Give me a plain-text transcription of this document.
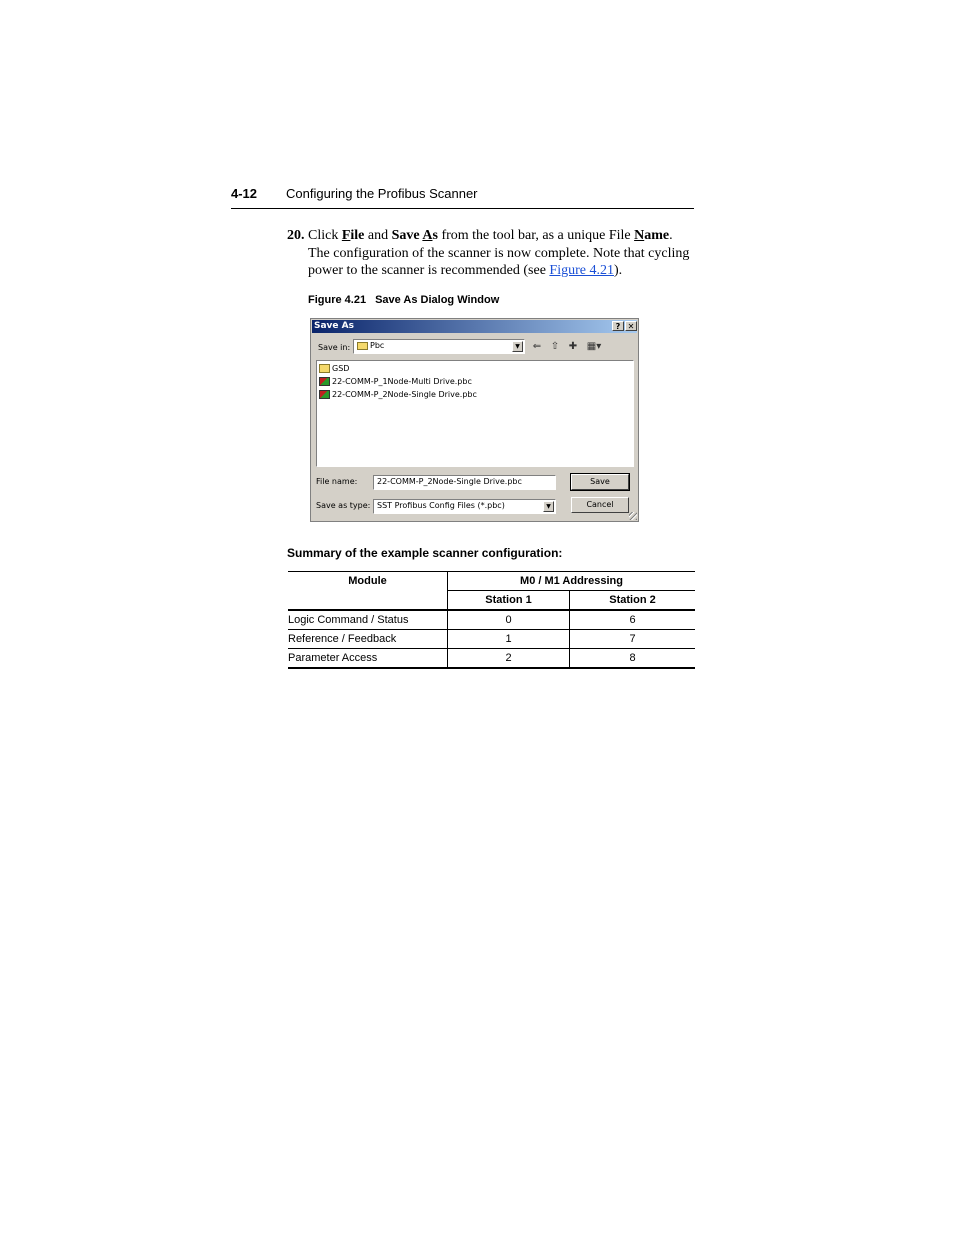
4-12 Configuring the Profibus Scanner
20. Click File and Save As from the tool bar, as a unique File Name. The configuration of the scanner is now complete. Note that cycling power to the scanner is recommended (see Figure 4.21).
Figure 4.21 Save As Dialog Window
Save As	? ✕
Save in:	Pbc	▼	⇐ ⇧ ✚ ▦▾
GSD
22-COMM-P_1Node-Multi Drive.pbc
22-COMM-P_2Node-Single Drive.pbc
File name: 22-COMM-P_2Node-Single Drive.pbc
Save as type: SST Profibus Config Files (*.pbc)	▼
Save
Cancel
Summary of the example scanner configuration:
Module	M0 / M1 Addressing	
	Station 1	Station 2
Logic Command / Status	0	6
Reference / Feedback	1	7
Parameter Access	2	8
